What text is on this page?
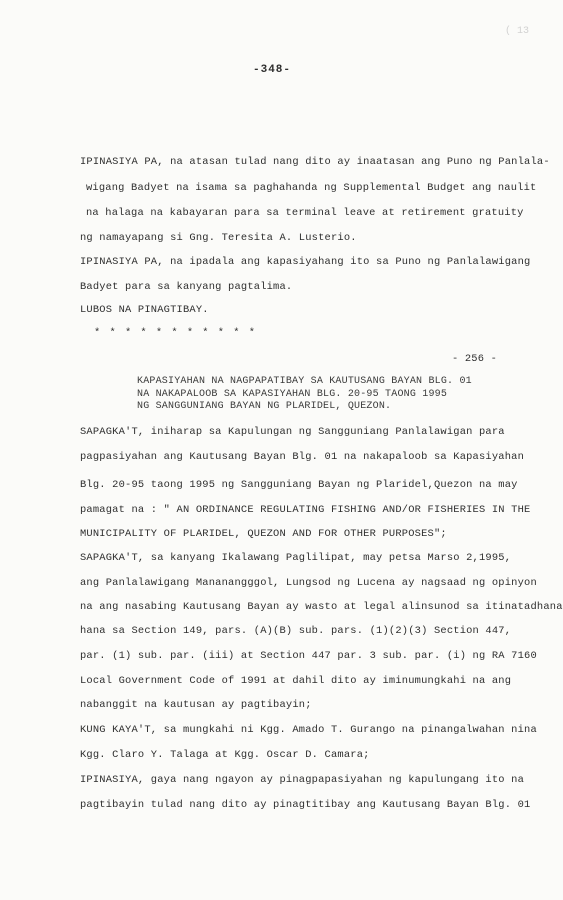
( 13
-348-
IPINASIYA PA, na atasan tulad nang dito ay inaatasan ang Puno ng Panlala-
wigang Badyet na isama sa paghahanda ng Supplemental Budget ang naulit
na halaga na kabayaran para sa terminal leave at retirement gratuity
ng namayapang si Gng. Teresita A. Lusterio.
IPINASIYA PA, na ipadala ang kapasiyahang ito sa Puno ng Panlalawigang
Badyet para sa kanyang pagtalima.
LUBOS NA PINAGTIBAY.
* * * * * * * * * * *
- 256 -
KAPASIYAHAN NA NAGPAPATIBAY SA KAUTUSANG BAYAN BLG. 01
NA NAKAPALOOB SA KAPASIYAHAN BLG. 20-95 TAONG 1995
NG SANGGUNIANG BAYAN NG PLARIDEL, QUEZON.
SAPAGKA'T, iniharap sa Kapulungan ng Sangguniang Panlalawigan para
pagpasiyahan ang Kautusang Bayan Blg. 01 na nakapaloob sa Kapasiyahan
Blg. 20-95 taong 1995 ng Sangguniang Bayan ng Plaridel,Quezon na may
pamagat na : " AN ORDINANCE REGULATING FISHING AND/OR FISHERIES IN THE
MUNICIPALITY OF PLARIDEL, QUEZON AND FOR OTHER PURPOSES";
SAPAGKA'T, sa kanyang Ikalawang Paglilipat, may petsa Marso 2,1995,
ang Panlalawigang Mananangggol, Lungsod ng Lucena ay nagsaad ng opinyon
na ang nasabing Kautusang Bayan ay wasto at legal alinsunod sa itinatadhana
hana sa Section 149, pars. (A)(B) sub. pars. (1)(2)(3) Section 447,
par. (1) sub. par. (iii) at Section 447 par. 3 sub. par. (i) ng RA 7160
Local Government Code of 1991 at dahil dito ay iminumungkahi na ang
nabanggit na kautusan ay pagtibayin;
KUNG KAYA'T, sa mungkahi ni Kgg. Amado T. Gurango na pinangalwahan nina
Kgg. Claro Y. Talaga at Kgg. Oscar D. Camara;
IPINASIYA, gaya nang ngayon ay pinagpapasiyahan ng kapulungang ito na
pagtibayin tulad nang dito ay pinagtitibay ang Kautusang Bayan Blg. 01
